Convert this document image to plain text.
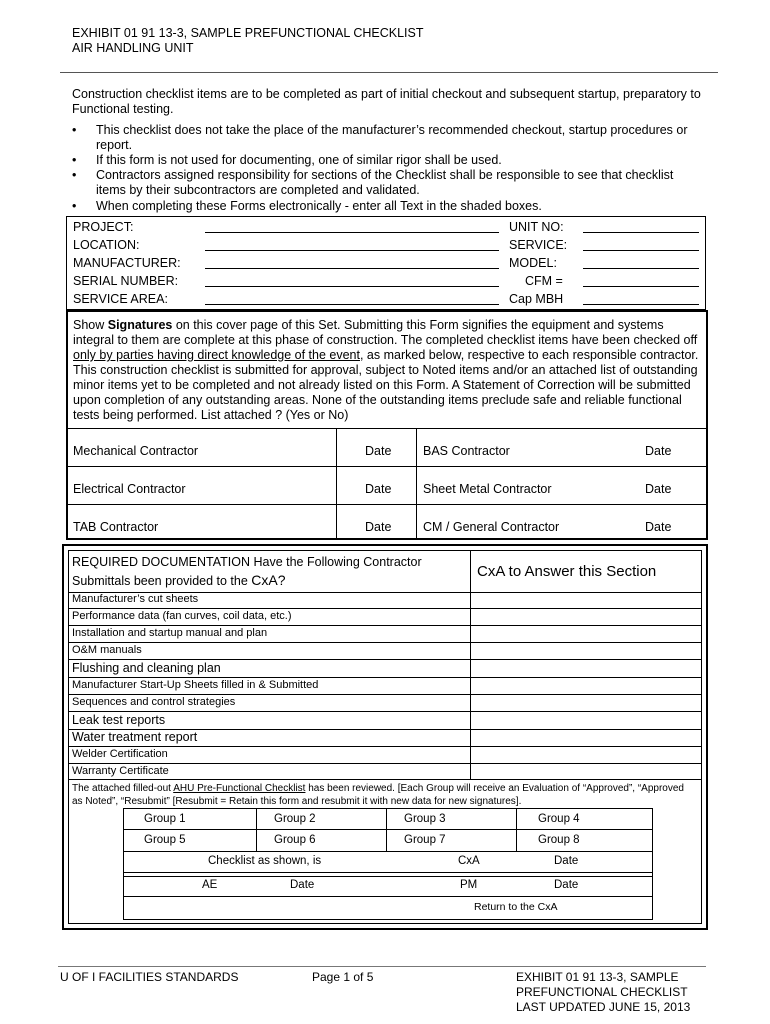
EXHIBIT 01 91 13-3, SAMPLE PREFUNCTIONAL CHECKLIST
AIR HANDLING UNIT
Construction checklist items are to be completed as part of initial checkout and subsequent startup, preparatory to Functional testing.
• This checklist does not take the place of the manufacturer’s recommended checkout, startup procedures or report.
• If this form is not used for documenting, one of similar rigor shall be used.
• Contractors assigned responsibility for sections of the Checklist shall be responsible to see that checklist items by their subcontractors are completed and validated.
• When completing these Forms electronically - enter all Text in the shaded boxes.
PROJECT:
LOCATION:
MANUFACTURER:
SERIAL NUMBER:
SERVICE AREA:
UNIT NO:
SERVICE:
MODEL:
CFM =
Cap MBH
Show Signatures on this cover page of this Set. Submitting this Form signifies the equipment and systems integral to them are complete at this phase of construction. The completed checklist items have been checked off only by parties having direct knowledge of the event, as marked below, respective to each responsible contractor. This construction checklist is submitted for approval, subject to Noted items and/or an attached list of outstanding minor items yet to be completed and not already listed on this Form. A Statement of Correction will be submitted upon completion of any outstanding areas. None of the outstanding items preclude safe and reliable functional tests being performed. List attached ? (Yes or No)
Mechanical Contractor	Date	BAS Contractor	Date
Electrical Contractor	Date	Sheet Metal Contractor	Date
TAB Contractor	Date	CM / General Contractor	Date
REQUIRED DOCUMENTATION Have the Following Contractor
Submittals been provided to the CxA?	CxA to Answer this Section
Manufacturer’s cut sheets
Performance data (fan curves, coil data, etc.)
Installation and startup manual and plan
O&M manuals
Flushing and cleaning plan
Manufacturer Start-Up Sheets filled in & Submitted
Sequences and control strategies
Leak test reports
Water treatment report
Welder Certification
Warranty Certificate
The attached filled-out AHU Pre-Functional Checklist has been reviewed. [Each Group will receive an Evaluation of “Approved”, “Approved as Noted”, “Resubmit” [Resubmit = Retain this form and resubmit it with new data for new signatures].
Group 1	Group 2	Group 3	Group 4
Group 5	Group 6	Group 7	Group 8
Checklist as shown, is	CxA	Date
AE	Date	PM	Date
Return to the CxA
U OF I FACILITIES STANDARDS	Page 1 of 5	EXHIBIT 01 91 13-3, SAMPLE
PREFUNCTIONAL CHECKLIST
LAST UPDATED JUNE 15, 2013
